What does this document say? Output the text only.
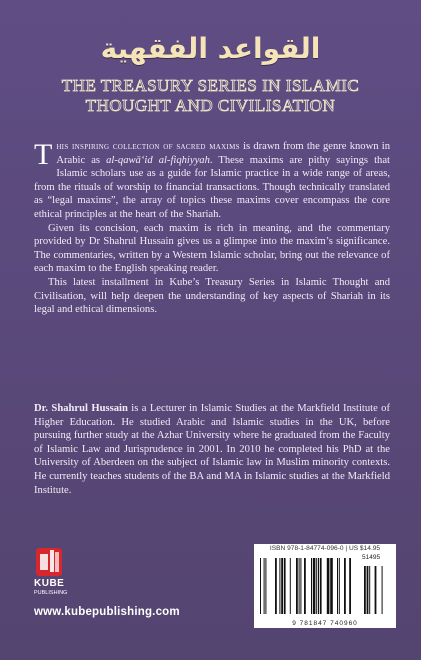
القواعد الفقهية
THE TREASURY SERIES IN ISLAMIC
THOUGHT AND CIVILISATION

This inspiring collection of sacred maxims is drawn from the genre known in Arabic as al-qawā‘id al-fiqhiyyah. These maxims are pithy sayings that Islamic scholars use as a guide for Islamic practice in a wide range of areas, from the rituals of worship to financial transactions. Though technically translated as “legal maxims”, the array of topics these maxims cover encompass the core ethical principles at the heart of the Shariah.

Given its concision, each maxim is rich in meaning, and the commentary provided by Dr Shahrul Hussain gives us a glimpse into the maxim’s significance. The commentaries, written by a Western Islamic scholar, bring out the relevance of each maxim to the English speaking reader.

This latest installment in Kube’s Treasury Series in Islamic Thought and Civilisation, will help deepen the understanding of key aspects of Shariah in its legal and ethical dimensions.

Dr. Shahrul Hussain is a Lecturer in Islamic Studies at the Markfield Institute of Higher Education. He studied Arabic and Islamic studies in the UK, before pursuing further study at the Azhar University where he graduated from the Faculty of Islamic Law and Jurisprudence in 2001. In 2010 he completed his PhD at the University of Aberdeen on the subject of Islamic law in Muslim minority contexts. He currently teaches students of the BA and MA in Islamic studies at the Markfield Institute.

KUBE
PUBLISHING
www.kubepublishing.com
ISBN 978-1-84774-096-0 | US $14.95
51495
9 781847 740960
